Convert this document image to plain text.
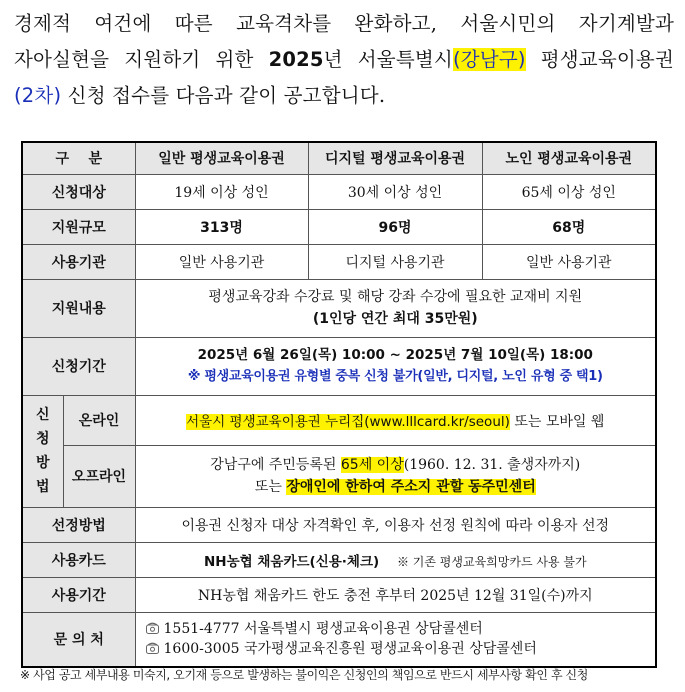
경제적 여건에 따른 교육격차를 완화하고, 서울시민의 자기계발과
자아실현을 지원하기 위한 2025년 서울특별시(강남구) 평생교육이용권
(2차) 신청 접수를 다음과 같이 공고합니다.
구    분		일반 평생교육이용권	디지털 평생교육이용권	노인 평생교육이용권
신청대상		19세 이상 성인	30세 이상 성인	65세 이상 성인
지원규모		313명	96명	68명
사용기관		일반 사용기관	디지털 사용기관	일반 사용기관
지원내용		평생교육강좌 수강료 및 해당 강좌 수강에 필요한 교재비 지원
(1인당 연간 최대 35만원)		

신청기간		2025년 6월 26일(목) 10:00 ~ 2025년 7월 10일(목) 18:00
※ 평생교육이용권 유형별 중복 신청 불가(일반, 디지털, 노인 유형 중 택1)		

신
청
방
법	온라인	서울시 평생교육이용권 누리집(www.lllcard.kr/seoul) 또는 모바일 웹		
	오프라인	강남구에 주민등록된 65세 이상(1960. 12. 31. 출생자까지)
또는 장애인에 한하여 주소지 관할 동주민센터		

선정방법		이용권 신청자 대상 자격확인 후, 이용자 선정 원칙에 따라 이용자 선정		
사용카드		NH농협 채움카드(신용·체크) ※ 기존 평생교육희망카드 사용 불가		
사용기간		NH농협 채움카드 한도 충전 후부터 2025년 12월 31일(수)까지		
문 의 처		1551-4777 서울특별시 평생교육이용권 상담콜센터
1600-3005 국가평생교육진흥원 평생교육이용권 상담콜센터		
※ 사업 공고 세부내용 미숙지, 오기재 등으로 발생하는 불이익은 신청인의 책임으로 반드시 세부사항 확인 후 신청
